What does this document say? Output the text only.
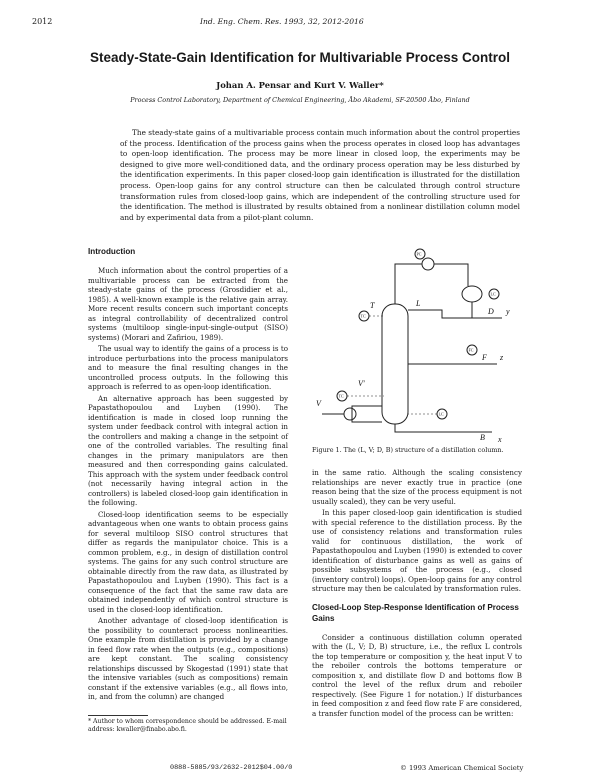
2012	Ind. Eng. Chem. Res. 1993, 32, 2012-2016
Steady-State-Gain Identification for Multivariable Process Control
Johan A. Pensar and Kurt V. Waller*
Process Control Laboratory, Department of Chemical Engineering, Åbo Akademi, SF-20500 Åbo, Finland
The steady-state gains of a multivariable process contain much information about the control properties of the process. Identification of the process gains when the process operates in closed loop has advantages to open-loop identification. The process may be more linear in closed loop, the experiments may be designed to give more well-conditioned data, and the ordinary process operation may be less disturbed by the identification experiments. In this paper closed-loop gain identification is illustrated for the distillation process. Open-loop gains for any control structure can then be calculated through control structure transformation rules from closed-loop gains, which are independent of the controlling structure used for the identification. The method is illustrated by results obtained from a nonlinear distillation column model and by experimental data from a pilot-plant column.
Introduction

Much information about the control properties of a multivariable process can be extracted from the steady-state gains of the process (Grosdidier et al., 1985). A well-known example is the relative gain array. More recent results concern such important concepts as integral controllability of decentralized control systems (multiloop single-input-single-output (SISO) systems) (Morari and Zafiriou, 1989).

The usual way to identify the gains of a process is to introduce perturbations into the process manipulators and to measure the final resulting changes in the uncontrolled process outputs. In the following this approach is referred to as open-loop identification.

An alternative approach has been suggested by Papastathopoulou and Luyben (1990). The identification is made in closed loop running the system under feedback control with integral action in the controllers and making a change in the setpoint of one of the controlled variables. The resulting final changes in the primary manipulators are then measured and then corresponding gains calculated. This approach with the system under feedback control (not necessarily having integral action in the controllers) is labeled closed-loop gain identification in the following.

Closed-loop identification seems to be especially advantageous when one wants to obtain process gains for several multiloop SISO control structures that differ as regards the manipulator choice. This is a common problem, e.g., in design of distillation control systems. The gains for any such control structure are obtainable directly from the raw data, as illustrated by Papastathopoulou and Luyben (1990). This fact is a consequence of the fact that the same raw data are obtained independently of which control structure is used in the closed-loop identification.

Another advantage of closed-loop identification is the possibility to counteract process nonlinearities. One example from distillation is provided by a change in feed flow rate when the outputs (e.g., compositions) are kept constant. The scaling consistency relationships discussed by Skogestad (1991) state that the intensive variables (such as compositions) remain constant if the extensive variables (e.g., all flows into, in, and from the column) are changed

* Author to whom correspondence should be addressed. E-mail address: kwaller@finabo.abo.fi.
L
D y
F z
V
V'
B x
T
PC
LC
TC
TC
LC
FC
Figure 1. The (L, V; D, B) structure of a distillation column.

in the same ratio. Although the scaling consistency relationships are never exactly true in practice (one reason being that the size of the process equipment is not usually scaled), they can be very useful.

In this paper closed-loop gain identification is studied with special reference to the distillation process. By the use of consistency relations and transformation rules valid for continuous distillation, the work of Papastathopoulou and Luyben (1990) is extended to cover identification of disturbance gains as well as gains of possible subsystems of the process (e.g., closed (inventory control) loops). Open-loop gains for any control structure may then be calculated by transformation rules.

Closed-Loop Step-Response Identification of Process Gains

Consider a continuous distillation column operated with the (L, V; D, B) structure, i.e., the reflux L controls the top temperature or composition y, the heat input V to the reboiler controls the bottoms temperature or composition x, and distillate flow D and bottoms flow B control the level of the reflux drum and reboiler respectively. (See Figure 1 for notation.) If disturbances in feed composition z and feed flow rate F are considered, a transfer function model of the process can be written:

0888-5885/93/2632-2012$04.00/0	© 1993 American Chemical Society
